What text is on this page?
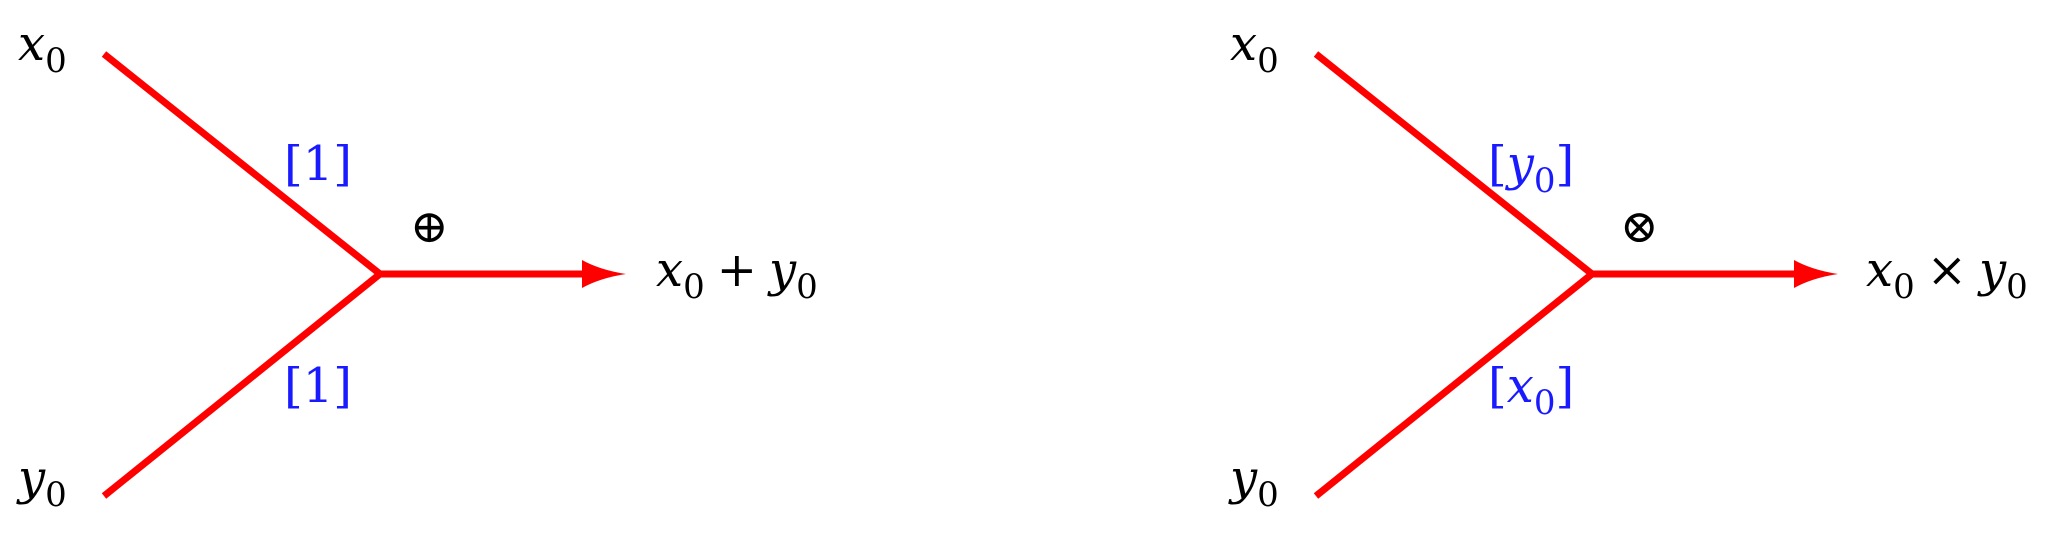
$x_0$
$y_0$
[1]
[1]
⊕
$x_0 + y_0$
$x_0$
$y_0$
$[y_0]$
$[x_0]$
⊗
$x_0 \times y_0$
